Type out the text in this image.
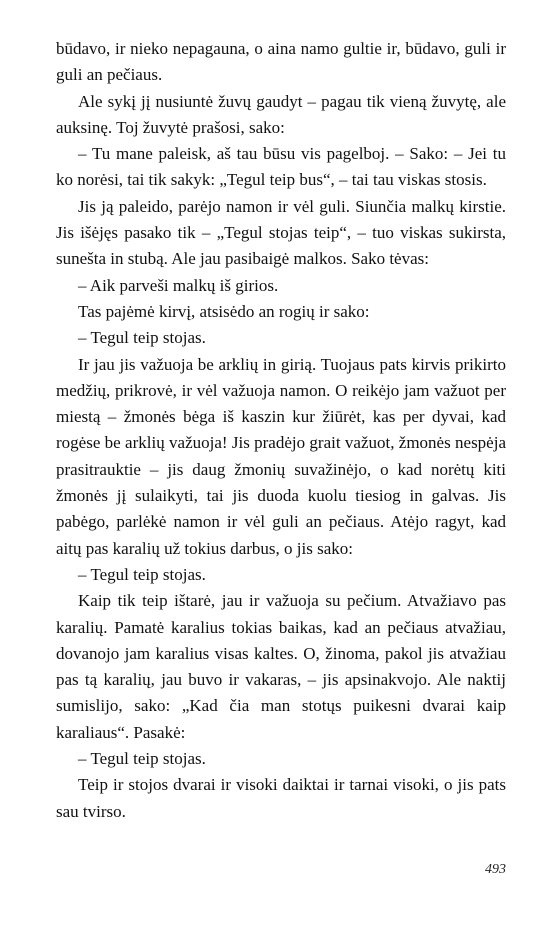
būdavo, ir nieko nepagauna, o aina namo gultie ir, būdavo, guli ir guli an pečiaus.

Ale sykį jį nusiuntė žuvų gaudyt – pagau tik vieną žuvytę, ale auksinę. Toj žuvytė prašosi, sako:

– Tu mane paleisk, aš tau būsu vis pagelboj. – Sako: – Jei tu ko norėsi, tai tik sakyk: „Tegul teip bus“, – tai tau viskas stosis.

Jis ją paleido, parėjo namon ir vėl guli. Siunčia malkų kirstie. Jis išėjęs pasako tik – „Tegul stojas teip“, – tuo viskas sukirsta, sunešta in stubą. Ale jau pasibaigė malkos. Sako tėvas:

– Aik parveši malkų iš girios.

Tas pajėmė kirvį, atsisėdo an rogių ir sako:

– Tegul teip stojas.

Ir jau jis važuoja be arklių in girią. Tuojaus pats kirvis prikirto medžių, prikrovė, ir vėl važuoja namon. O reikėjo jam važuot per miestą – žmonės bėga iš kaszin kur žiūrėt, kas per dyvai, kad rogėse be arklių važuoja! Jis pradėjo grait važuot, žmonės nespėja prasitrauktie – jis daug žmonių suvažinėjo, o kad norėtų kiti žmonės jį sulaikyti, tai jis duoda kuolu tiesiog in galvas. Jis pabėgo, parlėkė namon ir vėl guli an pečiaus. Atėjo ragyt, kad aitų pas karalių už tokius darbus, o jis sako:

– Tegul teip stojas.

Kaip tik teip ištarė, jau ir važuoja su pečium. Atvažiavo pas karalių. Pamatė karalius tokias baikas, kad an pečiaus atvažiau, dovanojo jam karalius visas kaltes. O, žinoma, pakol jis atvažiau pas tą karalių, jau buvo ir vakaras, – jis apsinakvojo. Ale naktij sumislijo, sako: „Kad čia man stotųs puikesni dvarai kaip karaliaus“. Pasakė:

– Tegul teip stojas.

Teip ir stojos dvarai ir visoki daiktai ir tarnai visoki, o jis pats sau tvirso.

493
